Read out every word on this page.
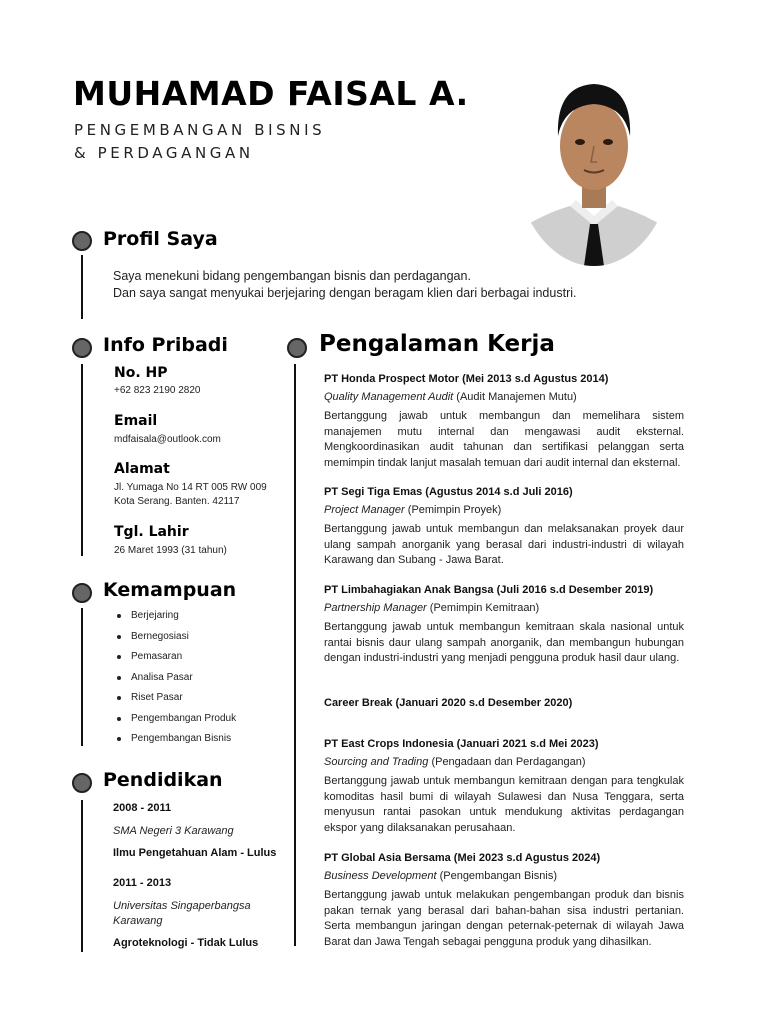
MUHAMAD FAISAL A.
PENGEMBANGAN BISNIS
& PERDAGANGAN
Profil Saya
Saya menekuni bidang pengembangan bisnis dan perdagangan.
Dan saya sangat menyukai berjejaring dengan beragam klien dari berbagai industri.
Info Pribadi
No. HP
+62 823 2190 2820
Email
mdfaisala@outlook.com
Alamat
Jl. Yumaga No 14 RT 005 RW 009
Kota Serang. Banten. 42117
Tgl. Lahir
26 Maret 1993 (31 tahun)
Kemampuan
Berjejaring
Bernegosiasi
Pemasaran
Analisa Pasar
Riset Pasar
Pengembangan Produk
Pengembangan Bisnis
Pendidikan
2008 - 2011
SMA Negeri 3 Karawang
Ilmu Pengetahuan Alam - Lulus
2011 - 2013
Universitas Singaperbangsa Karawang
Agroteknologi - Tidak Lulus
Pengalaman Kerja
PT Honda Prospect Motor (Mei 2013 s.d Agustus 2014)
Quality Management Audit (Audit Manajemen Mutu)
Bertanggung jawab untuk membangun dan memelihara sistem manajemen mutu internal dan mengawasi audit eksternal. Mengkoordinasikan audit tahunan dan sertifikasi pelanggan serta memimpin tindak lanjut masalah temuan dari audit internal dan eksternal.
PT Segi Tiga Emas (Agustus 2014 s.d Juli 2016)
Project Manager (Pemimpin Proyek)
Bertanggung jawab untuk membangun dan melaksanakan proyek daur ulang sampah anorganik yang berasal dari industri-industri di wilayah Karawang dan Subang - Jawa Barat.
PT Limbahagiakan Anak Bangsa (Juli 2016 s.d Desember 2019)
Partnership Manager (Pemimpin Kemitraan)
Bertanggung jawab untuk membangun kemitraan skala nasional untuk rantai bisnis daur ulang sampah anorganik, dan membangun hubungan dengan industri-industri yang menjadi pengguna produk hasil daur ulang.
Career Break (Januari 2020 s.d Desember 2020)
PT East Crops Indonesia (Januari 2021 s.d Mei 2023)
Sourcing and Trading (Pengadaan dan Perdagangan)
Bertanggung jawab untuk membangun kemitraan dengan para tengkulak komoditas hasil bumi di wilayah Sulawesi dan Nusa Tenggara, serta menyusun rantai pasokan untuk mendukung aktivitas perdagangan ekspor yang dilaksanakan perusahaan.
PT Global Asia Bersama (Mei 2023 s.d Agustus 2024)
Business Development (Pengembangan Bisnis)
Bertanggung jawab untuk melakukan pengembangan produk dan bisnis pakan ternak yang berasal dari bahan-bahan sisa industri pertanian. Serta membangun jaringan dengan peternak-peternak di wilayah Jawa Barat dan Jawa Tengah sebagai pengguna produk yang dihasilkan.
